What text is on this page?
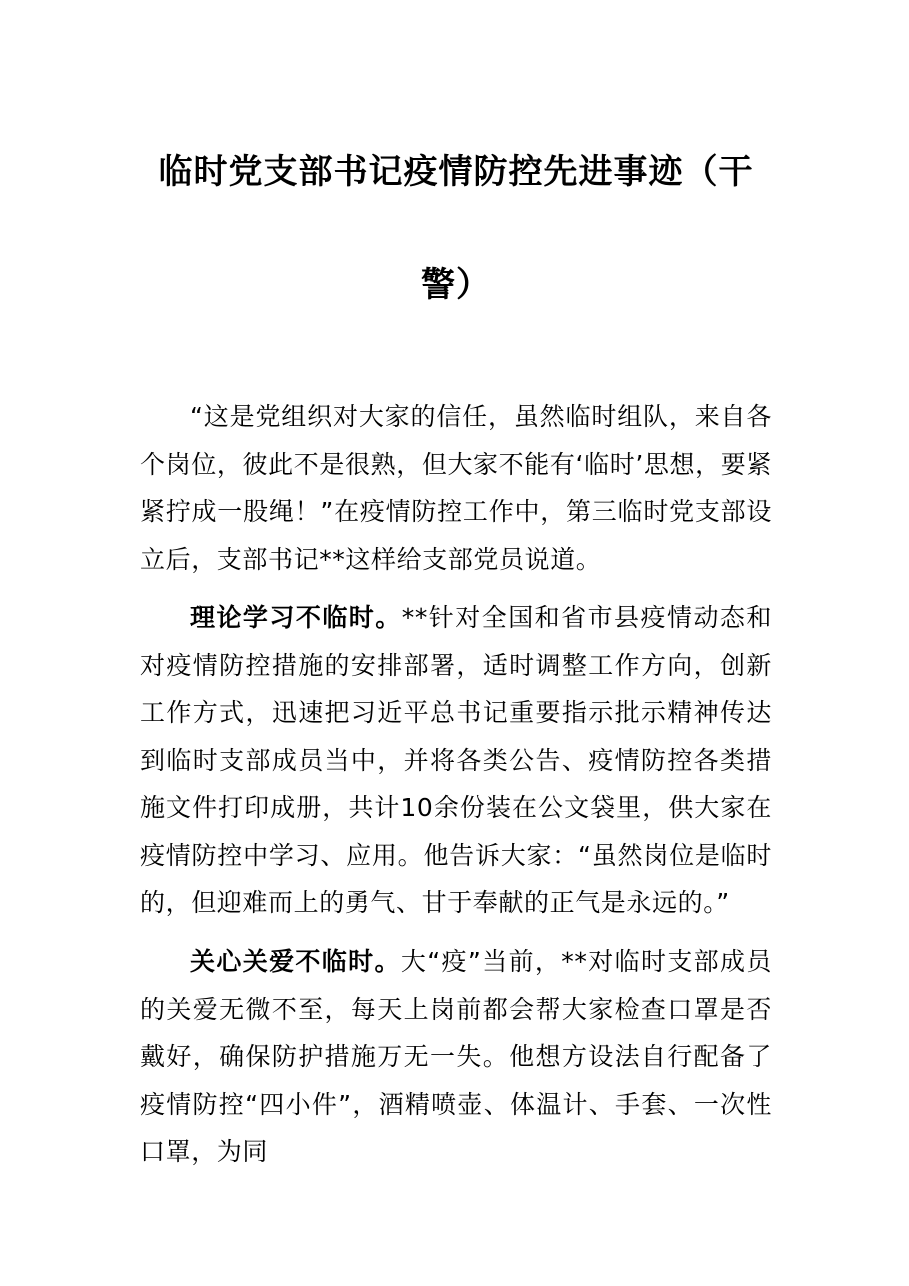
临时党支部书记疫情防控先进事迹（干
警）

“这是党组织对大家的信任，虽然临时组队，来自各个岗位，彼此不是很熟，但大家不能有‘临时’思想，要紧紧拧成一股绳！”在疫情防控工作中，第三临时党支部设立后，支部书记**这样给支部党员说道。

理论学习不临时。**针对全国和省市县疫情动态和对疫情防控措施的安排部署，适时调整工作方向，创新工作方式，迅速把习近平总书记重要指示批示精神传达到临时支部成员当中，并将各类公告、疫情防控各类措施文件打印成册，共计10余份装在公文袋里，供大家在疫情防控中学习、应用。他告诉大家：“虽然岗位是临时的，但迎难而上的勇气、甘于奉献的正气是永远的。”

关心关爱不临时。大“疫”当前，**对临时支部成员的关爱无微不至，每天上岗前都会帮大家检查口罩是否戴好，确保防护措施万无一失。他想方设法自行配备了疫情防控“四小件”，酒精喷壶、体温计、手套、一次性口罩，为同
